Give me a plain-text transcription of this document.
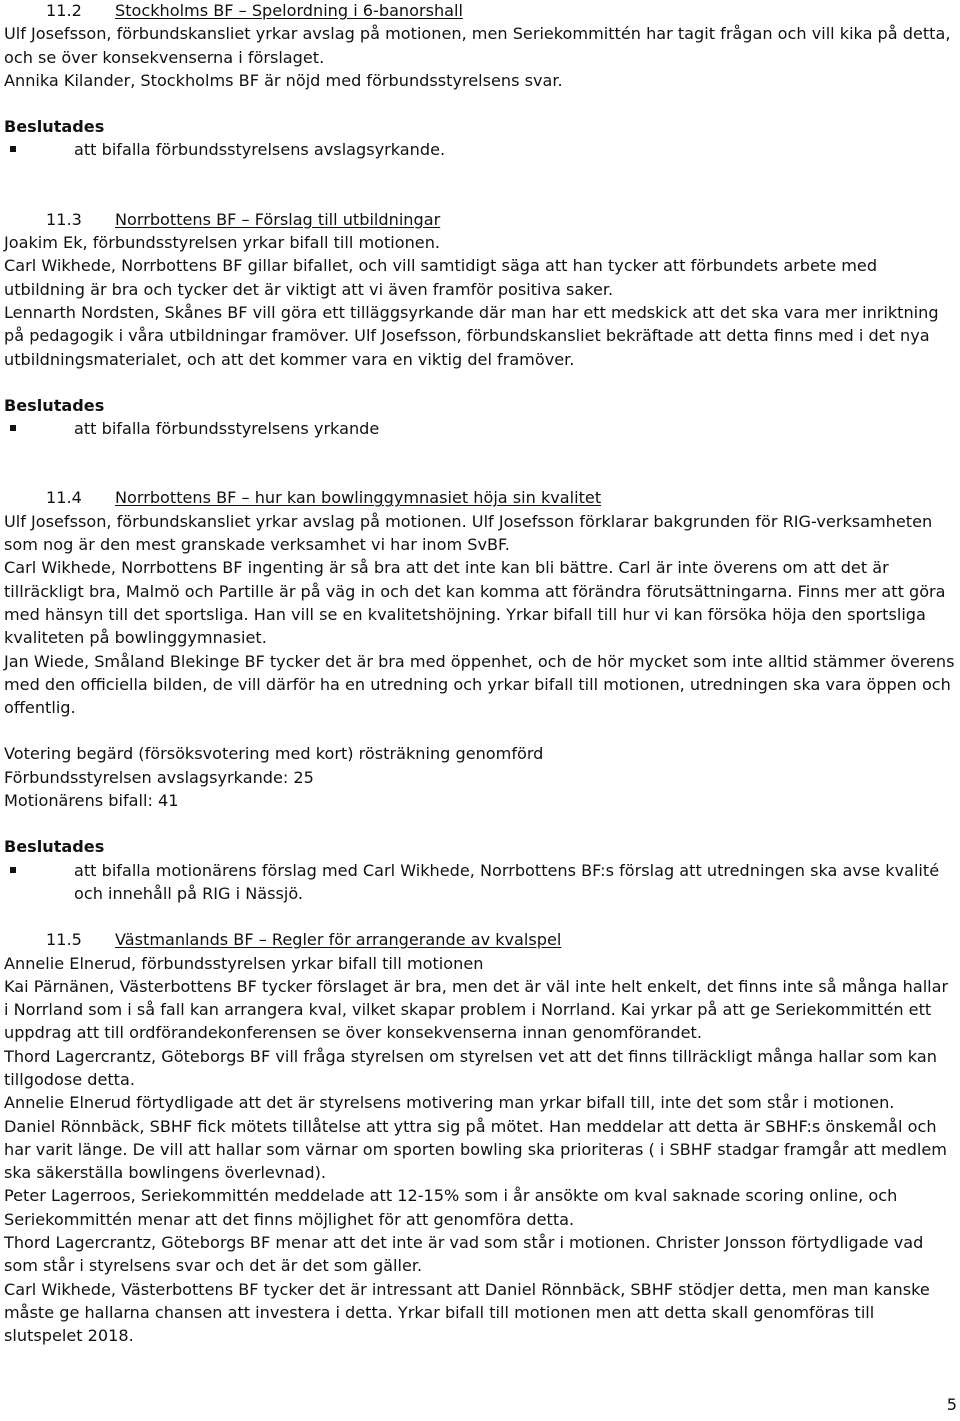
11.2 Stockholms BF – Spelordning i 6-banorshall

Ulf Josefsson, förbundskansliet yrkar avslag på motionen, men Seriekommittén har tagit frågan och vill kika på detta, och se över konsekvenserna i förslaget.

Annika Kilander, Stockholms BF är nöjd med förbundsstyrelsens svar.

Beslutades

att bifalla förbundsstyrelsens avslagsyrkande.

11.3 Norrbottens BF – Förslag till utbildningar

Joakim Ek, förbundsstyrelsen yrkar bifall till motionen.

Carl Wikhede, Norrbottens BF gillar bifallet, och vill samtidigt säga att han tycker att förbundets arbete med utbildning är bra och tycker det är viktigt att vi även framför positiva saker.

Lennarth Nordsten, Skånes BF vill göra ett tilläggsyrkande där man har ett medskick att det ska vara mer inriktning på pedagogik i våra utbildningar framöver. Ulf Josefsson, förbundskansliet bekräftade att detta finns med i det nya utbildningsmaterialet, och att det kommer vara en viktig del framöver.

Beslutades

att bifalla förbundsstyrelsens yrkande

11.4 Norrbottens BF – hur kan bowlinggymnasiet höja sin kvalitet

Ulf Josefsson, förbundskansliet yrkar avslag på motionen. Ulf Josefsson förklarar bakgrunden för RIG-verksamheten som nog är den mest granskade verksamhet vi har inom SvBF.

Carl Wikhede, Norrbottens BF ingenting är så bra att det inte kan bli bättre. Carl är inte överens om att det är tillräckligt bra, Malmö och Partille är på väg in och det kan komma att förändra förutsättningarna. Finns mer att göra med hänsyn till det sportsliga. Han vill se en kvalitetshöjning. Yrkar bifall till hur vi kan försöka höja den sportsliga kvaliteten på bowlinggymnasiet.

Jan Wiede, Småland Blekinge BF tycker det är bra med öppenhet, och de hör mycket som inte alltid stämmer överens med den officiella bilden, de vill därför ha en utredning och yrkar bifall till motionen, utredningen ska vara öppen och offentlig.

Votering begärd (försöksvotering med kort) rösträkning genomförd

Förbundsstyrelsen avslagsyrkande: 25

Motionärens bifall: 41

Beslutades

att bifalla motionärens förslag med Carl Wikhede, Norrbottens BF:s förslag att utredningen ska avse kvalité och innehåll på RIG i Nässjö.

11.5 Västmanlands BF – Regler för arrangerande av kvalspel

Annelie Elnerud, förbundsstyrelsen yrkar bifall till motionen

Kai Pärnänen, Västerbottens BF tycker förslaget är bra, men det är väl inte helt enkelt, det finns inte så många hallar i Norrland som i så fall kan arrangera kval, vilket skapar problem i Norrland. Kai yrkar på att ge Seriekommittén ett uppdrag att till ordförandekonferensen se över konsekvenserna innan genomförandet.

Thord Lagercrantz, Göteborgs BF vill fråga styrelsen om styrelsen vet att det finns tillräckligt många hallar som kan tillgodose detta.

Annelie Elnerud förtydligade att det är styrelsens motivering man yrkar bifall till, inte det som står i motionen.

Daniel Rönnbäck, SBHF fick mötets tillåtelse att yttra sig på mötet. Han meddelar att detta är SBHF:s önskemål och har varit länge. De vill att hallar som värnar om sporten bowling ska prioriteras ( i SBHF stadgar framgår att medlem ska säkerställa bowlingens överlevnad).

Peter Lagerroos, Seriekommittén meddelade att 12-15% som i år ansökte om kval saknade scoring online, och Seriekommittén menar att det finns möjlighet för att genomföra detta.

Thord Lagercrantz, Göteborgs BF menar att det inte är vad som står i motionen. Christer Jonsson förtydligade vad som står i styrelsens svar och det är det som gäller.

Carl Wikhede, Västerbottens BF tycker det är intressant att Daniel Rönnbäck, SBHF stödjer detta, men man kanske måste ge hallarna chansen att investera i detta. Yrkar bifall till motionen men att detta skall genomföras till slutspelet 2018.

5
